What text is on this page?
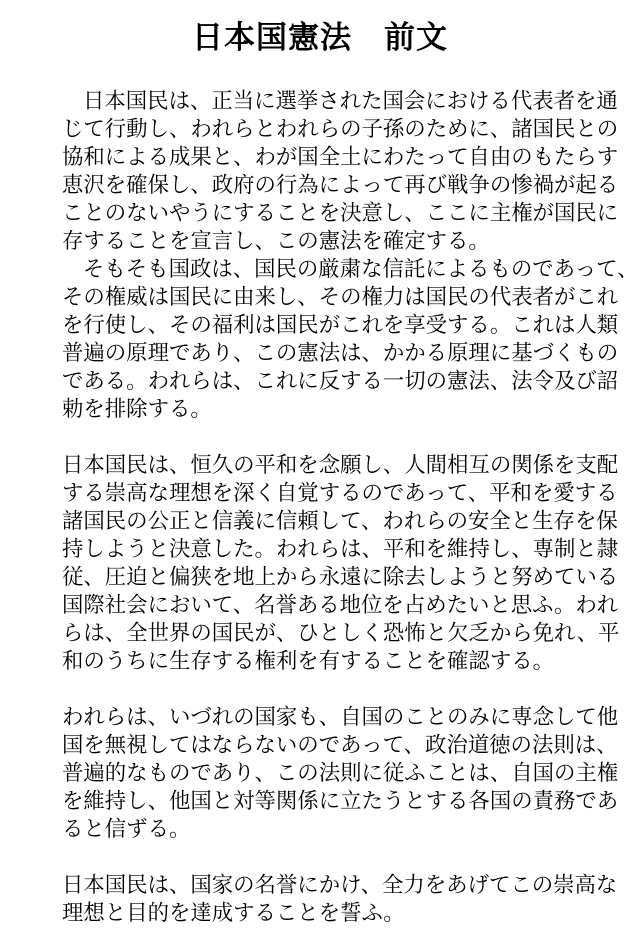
日本国憲法　前文
日本国民は、正当に選挙された国会における代表者を通
じて行動し、われらとわれらの子孫のために、諸国民との
協和による成果と、わが国全土にわたって自由のもたらす
恵沢を確保し、政府の行為によって再び戦争の惨禍が起る
ことのないやうにすることを決意し、ここに主権が国民に
存することを宣言し、この憲法を確定する。
そもそも国政は、国民の厳粛な信託によるものであって、
その権威は国民に由来し、その権力は国民の代表者がこれ
を行使し、その福利は国民がこれを享受する。これは人類
普遍の原理であり、この憲法は、かかる原理に基づくもの
である。われらは、これに反する一切の憲法、法令及び詔
勅を排除する。
日本国民は、恒久の平和を念願し、人間相互の関係を支配
する崇高な理想を深く自覚するのであって、平和を愛する
諸国民の公正と信義に信頼して、われらの安全と生存を保
持しようと決意した。われらは、平和を維持し、専制と隷
従、圧迫と偏狭を地上から永遠に除去しようと努めている
国際社会において、名誉ある地位を占めたいと思ふ。われ
らは、全世界の国民が、ひとしく恐怖と欠乏から免れ、平
和のうちに生存する権利を有することを確認する。
われらは、いづれの国家も、自国のことのみに専念して他
国を無視してはならないのであって、政治道徳の法則は、
普遍的なものであり、この法則に従ふことは、自国の主権
を維持し、他国と対等関係に立たうとする各国の責務であ
ると信ずる。
日本国民は、国家の名誉にかけ、全力をあげてこの崇高な
理想と目的を達成することを誓ふ。
